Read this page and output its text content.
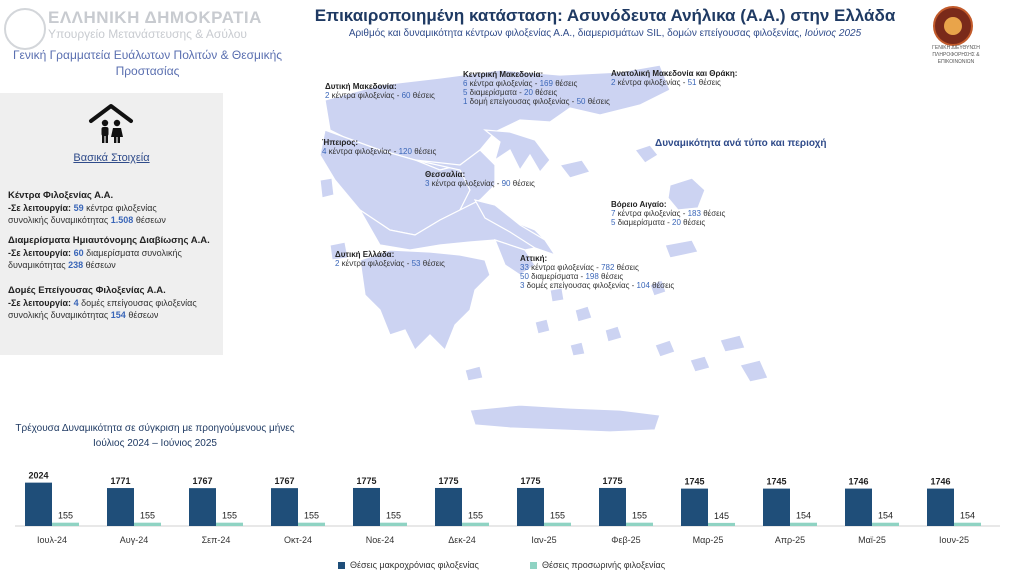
ΕΛΛΗΝΙΚΗ ΔΗΜΟΚΡΑΤΙΑ
Υπουργείο Μετανάστευσης & Ασύλου
Γενική Γραμματεία Ευάλωτων Πολιτών & Θεσμικής
Προστασίας
Επικαιροποιημένη κατάσταση: Ασυνόδευτα Ανήλικα (Α.Α.) στην Ελλάδα
Αριθμός και δυναμικότητα κέντρων φιλοξενίας Α.Α., διαμερισμάτων SIL, δομών επείγουσας φιλοξενίας, Ιούνιος 2025
ΓΕΝΙΚΗ ΔΙΕΥΘΥΝΣΗ
ΠΛΗΡΟΦΟΡΗΣΗΣ & ΕΠΙΚΟΙΝΩΝΙΩΝ
Βασικά Στοιχεία
Κέντρα Φιλοξενίας Α.Α.
-Σε λειτουργία: 59 κέντρα φιλοξενίας
συνολικής δυναμικότητας 1.508 θέσεων
Διαμερίσματα Ημιαυτόνομης Διαβίωσης Α.Α.
-Σε λειτουργία: 60 διαμερίσματα συνολικής
δυναμικότητας 238 θέσεων
Δομές Επείγουσας Φιλοξενίας Α.Α.
-Σε λειτουργία: 4 δομές επείγουσας φιλοξενίας
συνολικής δυναμικότητας 154 θέσεων
Δυτική Μακεδονία:
2 κέντρα φιλοξενίας - 60 θέσεις
Κεντρική Μακεδονία:
6 κέντρα φιλοξενίας - 169 θέσεις
5 διαμερίσματα - 20 θέσεις
1 δομή επείγουσας φιλοξενίας - 50 θέσεις
Ανατολική Μακεδονία και Θράκη:
2 κέντρα φιλοξενίας - 51 θέσεις
Ήπειρος:
4 κέντρα φιλοξενίας - 120 θέσεις
Θεσσαλία:
3 κέντρα φιλοξενίας - 90 θέσεις
Βόρειο Αιγαίο:
7 κέντρα φιλοξενίας - 183 θέσεις
5 διαμερίσματα - 20 θέσεις
Δυτική Ελλάδα:
2 κέντρα φιλοξενίας - 53 θέσεις
Αττική:
33 κέντρα φιλοξενίας - 782 θέσεις
50 διαμερίσματα - 198 θέσεις
3 δομές επείγουσας φιλοξενίας - 104 θέσεις
Δυναμικότητα ανά τύπο και περιοχή
Τρέχουσα Δυναμικότητα σε σύγκριση με προηγούμενους μήνες
Ιούλιος 2024 – Ιούνιος 2025
2024
155
Ιουλ-24
1771
155
Αυγ-24
1767
155
Σεπ-24
1767
155
Οκτ-24
1775
155
Νοε-24
1775
155
Δεκ-24
1775
155
Ιαν-25
1775
155
Φεβ-25
1745
145
Μαρ-25
1745
154
Απρ-25
1746
154
Μαϊ-25
1746
154
Ιουν-25
Θέσεις μακροχρόνιας φιλοξενίας	Θέσεις προσωρινής φιλοξενίας
